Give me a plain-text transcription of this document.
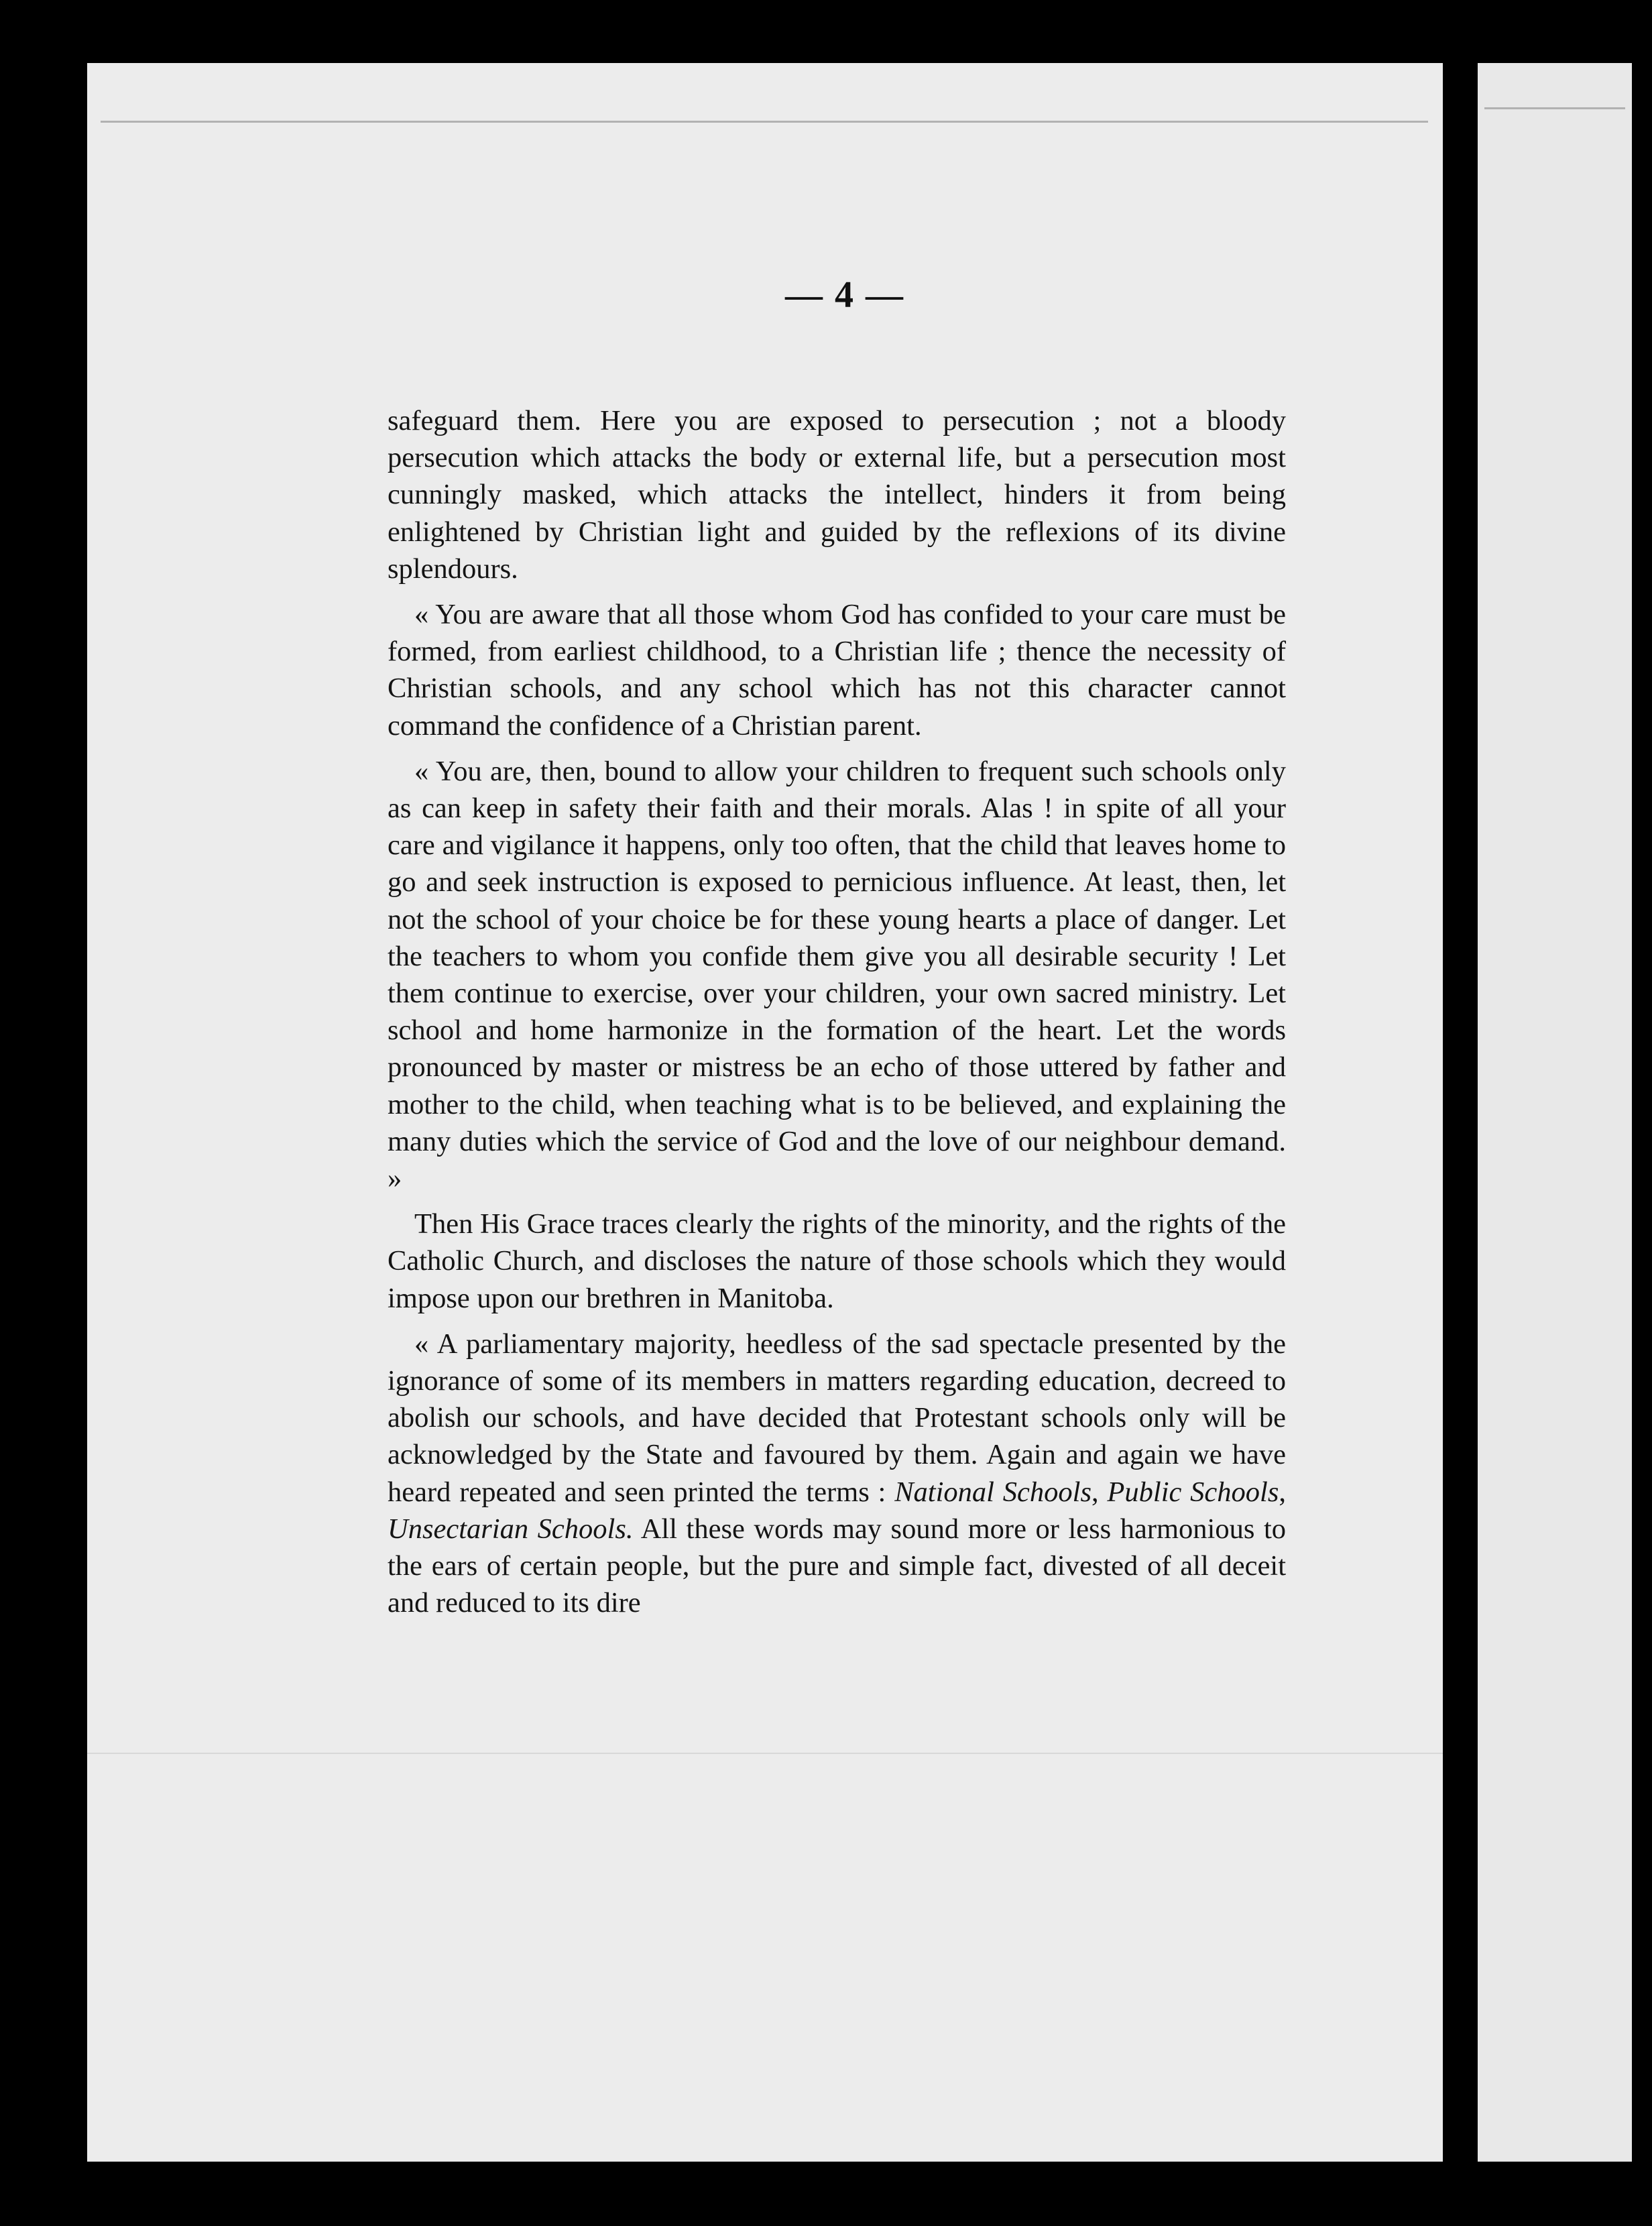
— 4 —

safeguard them. Here you are exposed to persecution ; not a bloody persecution which attacks the body or external life, but a persecution most cunningly masked, which attacks the intellect, hinders it from being enlightened by Christian light and guided by the reflexions of its divine splendours.

« You are aware that all those whom God has confided to your care must be formed, from earliest childhood, to a Christian life ; thence the necessity of Christian schools, and any school which has not this character cannot command the confidence of a Christian parent.

« You are, then, bound to allow your children to frequent such schools only as can keep in safety their faith and their morals. Alas ! in spite of all your care and vigilance it happens, only too often, that the child that leaves home to go and seek instruction is exposed to pernicious influence. At least, then, let not the school of your choice be for these young hearts a place of danger. Let the teachers to whom you confide them give you all desirable security ! Let them continue to exercise, over your children, your own sacred ministry. Let school and home harmonize in the formation of the heart. Let the words pronounced by master or mistress be an echo of those uttered by father and mother to the child, when teaching what is to be believed, and explaining the many duties which the service of God and the love of our neighbour demand. »

Then His Grace traces clearly the rights of the minority, and the rights of the Catholic Church, and discloses the nature of those schools which they would impose upon our brethren in Manitoba.

« A parliamentary majority, heedless of the sad spectacle presented by the ignorance of some of its members in matters regarding education, decreed to abolish our schools, and have decided that Protestant schools only will be acknowledged by the State and favoured by them. Again and again we have heard repeated and seen printed the terms : National Schools, Public Schools, Unsectarian Schools. All these words may sound more or less harmonious to the ears of certain people, but the pure and simple fact, divested of all deceit and reduced to its dire
